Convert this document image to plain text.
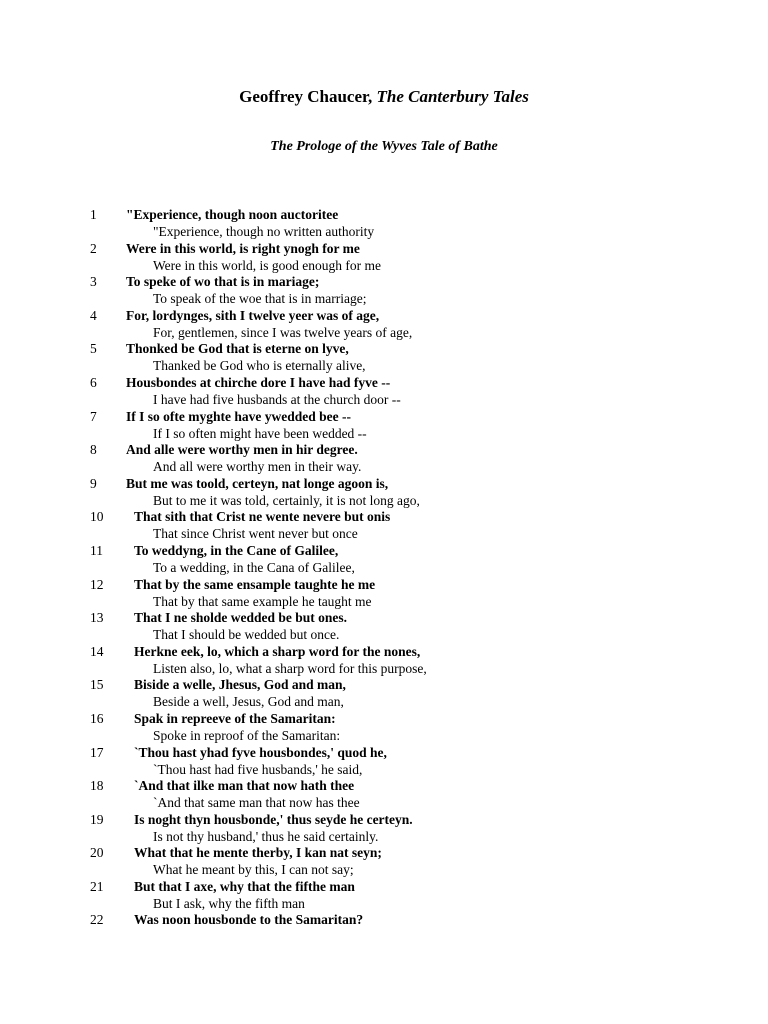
Geoffrey Chaucer, The Canterbury Tales
The Prologe of the Wyves Tale of Bathe
1 "Experience, though noon auctoritee
"Experience, though no written authority
2 Were in this world, is right ynogh for me
Were in this world, is good enough for me
3 To speke of wo that is in mariage;
To speak of the woe that is in marriage;
4 For, lordynges, sith I twelve yeer was of age,
For, gentlemen, since I was twelve years of age,
5 Thonked be God that is eterne on lyve,
Thanked be God who is eternally alive,
6 Housbondes at chirche dore I have had fyve --
I have had five husbands at the church door --
7 If I so ofte myghte have ywedded bee --
If I so often might have been wedded --
8 And alle were worthy men in hir degree.
And all were worthy men in their way.
9 But me was toold, certeyn, nat longe agoon is,
But to me it was told, certainly, it is not long ago,
10 That sith that Crist ne wente nevere but onis
That since Christ went never but once
11 To weddyng, in the Cane of Galilee,
To a wedding, in the Cana of Galilee,
12 That by the same ensample taughte he me
That by that same example he taught me
13 That I ne sholde wedded be but ones.
That I should be wedded but once.
14 Herkne eek, lo, which a sharp word for the nones,
Listen also, lo, what a sharp word for this purpose,
15 Biside a welle, Jhesus, God and man,
Beside a well, Jesus, God and man,
16 Spak in repreeve of the Samaritan:
Spoke in reproof of the Samaritan:
17 `Thou hast yhad fyve housbondes,' quod he,
`Thou hast had five husbands,' he said,
18 `And that ilke man that now hath thee
`And that same man that now has thee
19 Is noght thyn housbonde,' thus seyde he certeyn.
Is not thy husband,' thus he said certainly.
20 What that he mente therby, I kan nat seyn;
What he meant by this, I can not say;
21 But that I axe, why that the fifthe man
But I ask, why the fifth man
22 Was noon housbonde to the Samaritan?
